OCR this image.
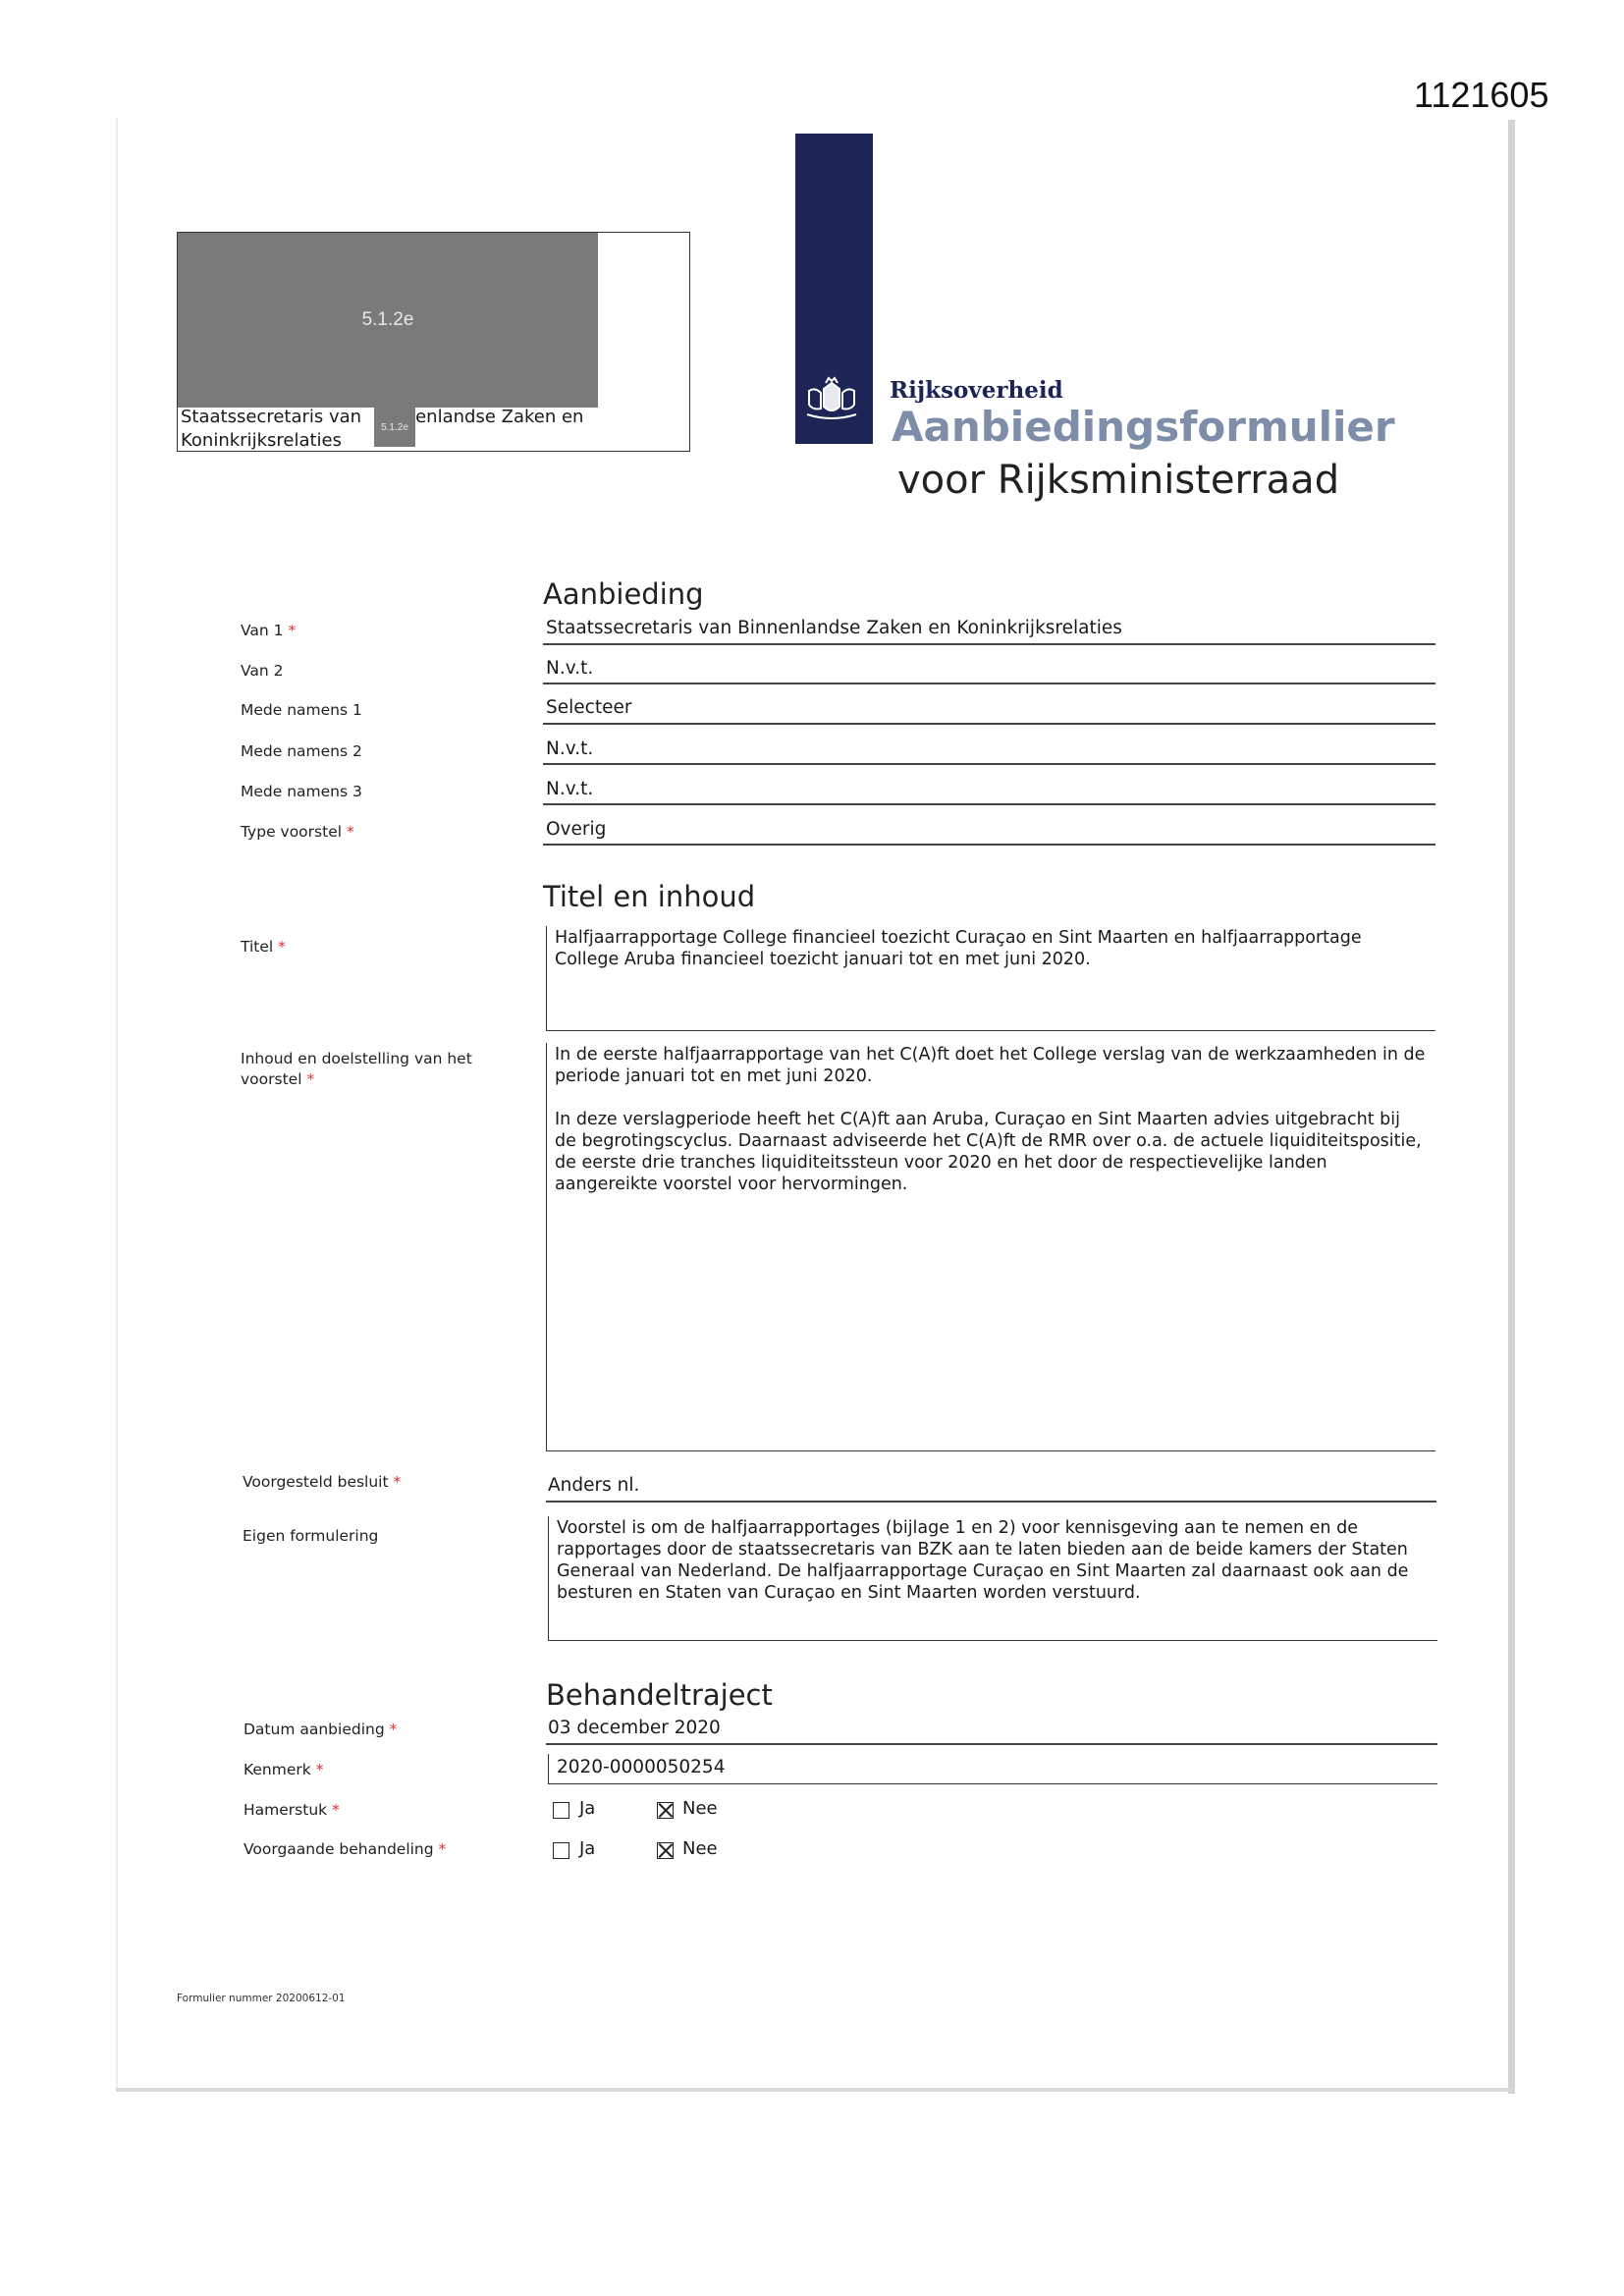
1121605
5.1.2e
Staatssecretaris van	enlandse Zaken en
5.1.2e
Koninkrijksrelaties
Rijksoverheid
Aanbiedingsformulier
voor Rijksministerraad
Aanbieding
Van 1 *	Staatssecretaris van Binnenlandse Zaken en Koninkrijksrelaties
Van 2	N.v.t.
Mede namens 1	Selecteer
Mede namens 2	N.v.t.
Mede namens 3	N.v.t.
Type voorstel *	Overig
Titel en inhoud
Titel *	Halfjaarrapportage College financieel toezicht Curaçao en Sint Maarten en halfjaarrapportage College Aruba financieel toezicht januari tot en met juni 2020.

Inhoud en doelstelling van het voorstel *

In de eerste halfjaarrapportage van het C(A)ft doet het College verslag van de werkzaamheden in de periode januari tot en met juni 2020.

In deze verslagperiode heeft het C(A)ft aan Aruba, Curaçao en Sint Maarten advies uitgebracht bij de begrotingscyclus. Daarnaast adviseerde het C(A)ft de RMR over o.a. de actuele liquiditeitspositie, de eerste drie tranches liquiditeitssteun voor 2020 en het door de respectievelijke landen aangereikte voorstel voor hervormingen.

Voorgesteld besluit *	Anders nl.
Eigen formulering	Voorstel is om de halfjaarrapportages (bijlage 1 en 2) voor kennisgeving aan te nemen en de rapportages door de staatssecretaris van BZK aan te laten bieden aan de beide kamers der Staten Generaal van Nederland. De halfjaarrapportage Curaçao en Sint Maarten zal daarnaast ook aan de besturen en Staten van Curaçao en Sint Maarten worden verstuurd.

Behandeltraject
Datum aanbieding *	03 december 2020
Kenmerk *	2020-0000050254
Hamerstuk *	Ja	Nee
Voorgaande behandeling *	Ja	Nee
Formulier nummer 20200612-01
